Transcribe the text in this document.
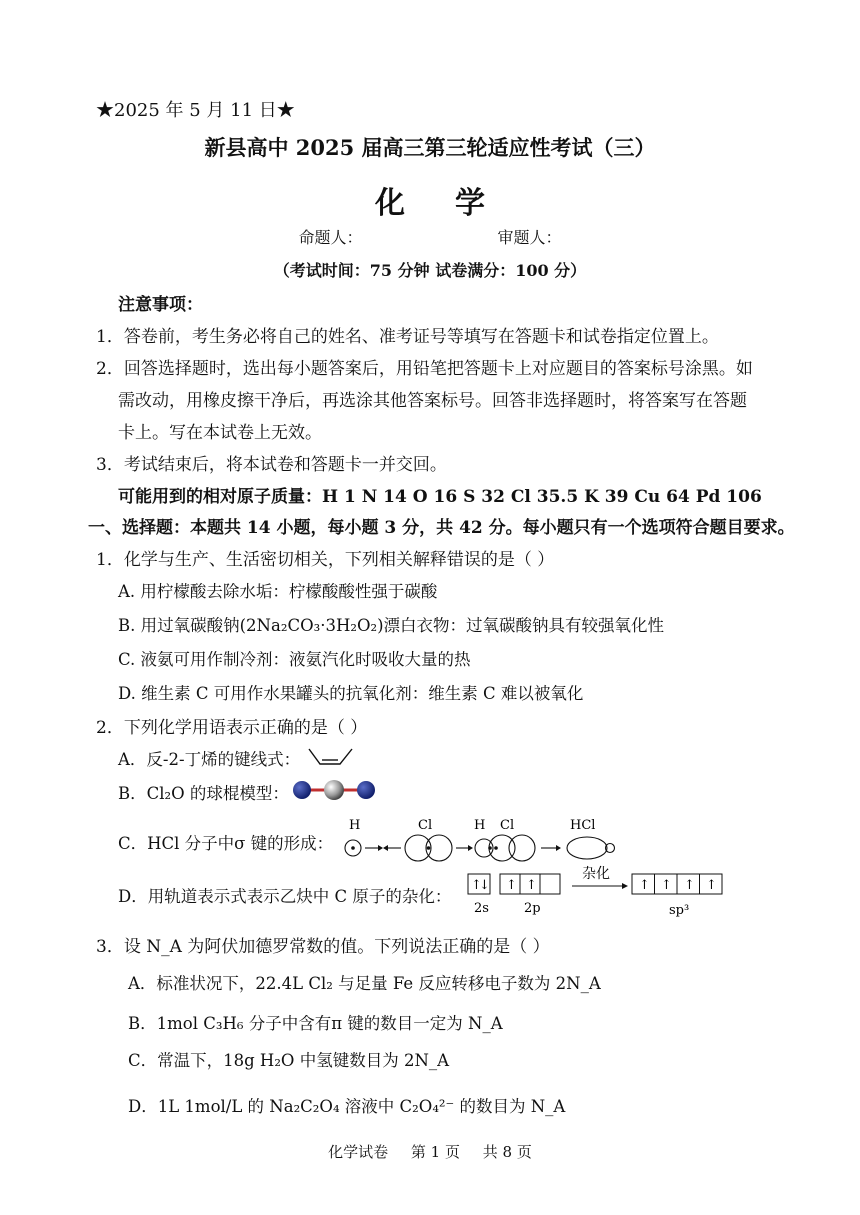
★2025 年 5 月 11 日★
新县高中 2025 届高三第三轮适应性考试（三）
化学
命题人：	审题人：
（考试时间：75 分钟 试卷满分：100 分）
注意事项：
1．答卷前，考生务必将自己的姓名、准考证号等填写在答题卡和试卷指定位置上。
2．回答选择题时，选出每小题答案后，用铅笔把答题卡上对应题目的答案标号涂黑。如
需改动，用橡皮擦干净后，再选涂其他答案标号。回答非选择题时，将答案写在答题
卡上。写在本试卷上无效。
3．考试结束后，将本试卷和答题卡一并交回。
可能用到的相对原子质量：H 1 N 14 O 16 S 32 Cl 35.5 K 39 Cu 64 Pd 106
一、选择题：本题共 14 小题，每小题 3 分，共 42 分。每小题只有一个选项符合题目要求。
1．化学与生产、生活密切相关，下列相关解释错误的是（ ）
A. 用柠檬酸去除水垢：柠檬酸酸性强于碳酸
B. 用过氧碳酸钠(2Na₂CO₃·3H₂O₂)漂白衣物：过氧碳酸钠具有较强氧化性
C. 液氨可用作制冷剂：液氨汽化时吸收大量的热
D. 维生素 C 可用作水果罐头的抗氧化剂：维生素 C 难以被氧化
2．下列化学用语表示正确的是（ ）
A．反-2-丁烯的键线式：
B．Cl₂O 的球棍模型：
C．HCl 分子中σ 键的形成：
H	Cl	H Cl	HCl
D．用轨道表示式表示乙炔中 C 原子的杂化：
↑
↓
2s
↑ ↑
2p
杂化
↑ ↑ ↑ ↑
sp³
3．设 N_A 为阿伏加德罗常数的值。下列说法正确的是（ ）
A．标准状况下，22.4L Cl₂ 与足量 Fe 反应转移电子数为 2N_A
B．1mol C₃H₆ 分子中含有π 键的数目一定为 N_A
C．常温下，18g H₂O 中氢键数目为 2N_A
D．1L 1mol/L 的 Na₂C₂O₄ 溶液中 C₂O₄²⁻ 的数目为 N_A
化学试卷 第 1 页 共 8 页
